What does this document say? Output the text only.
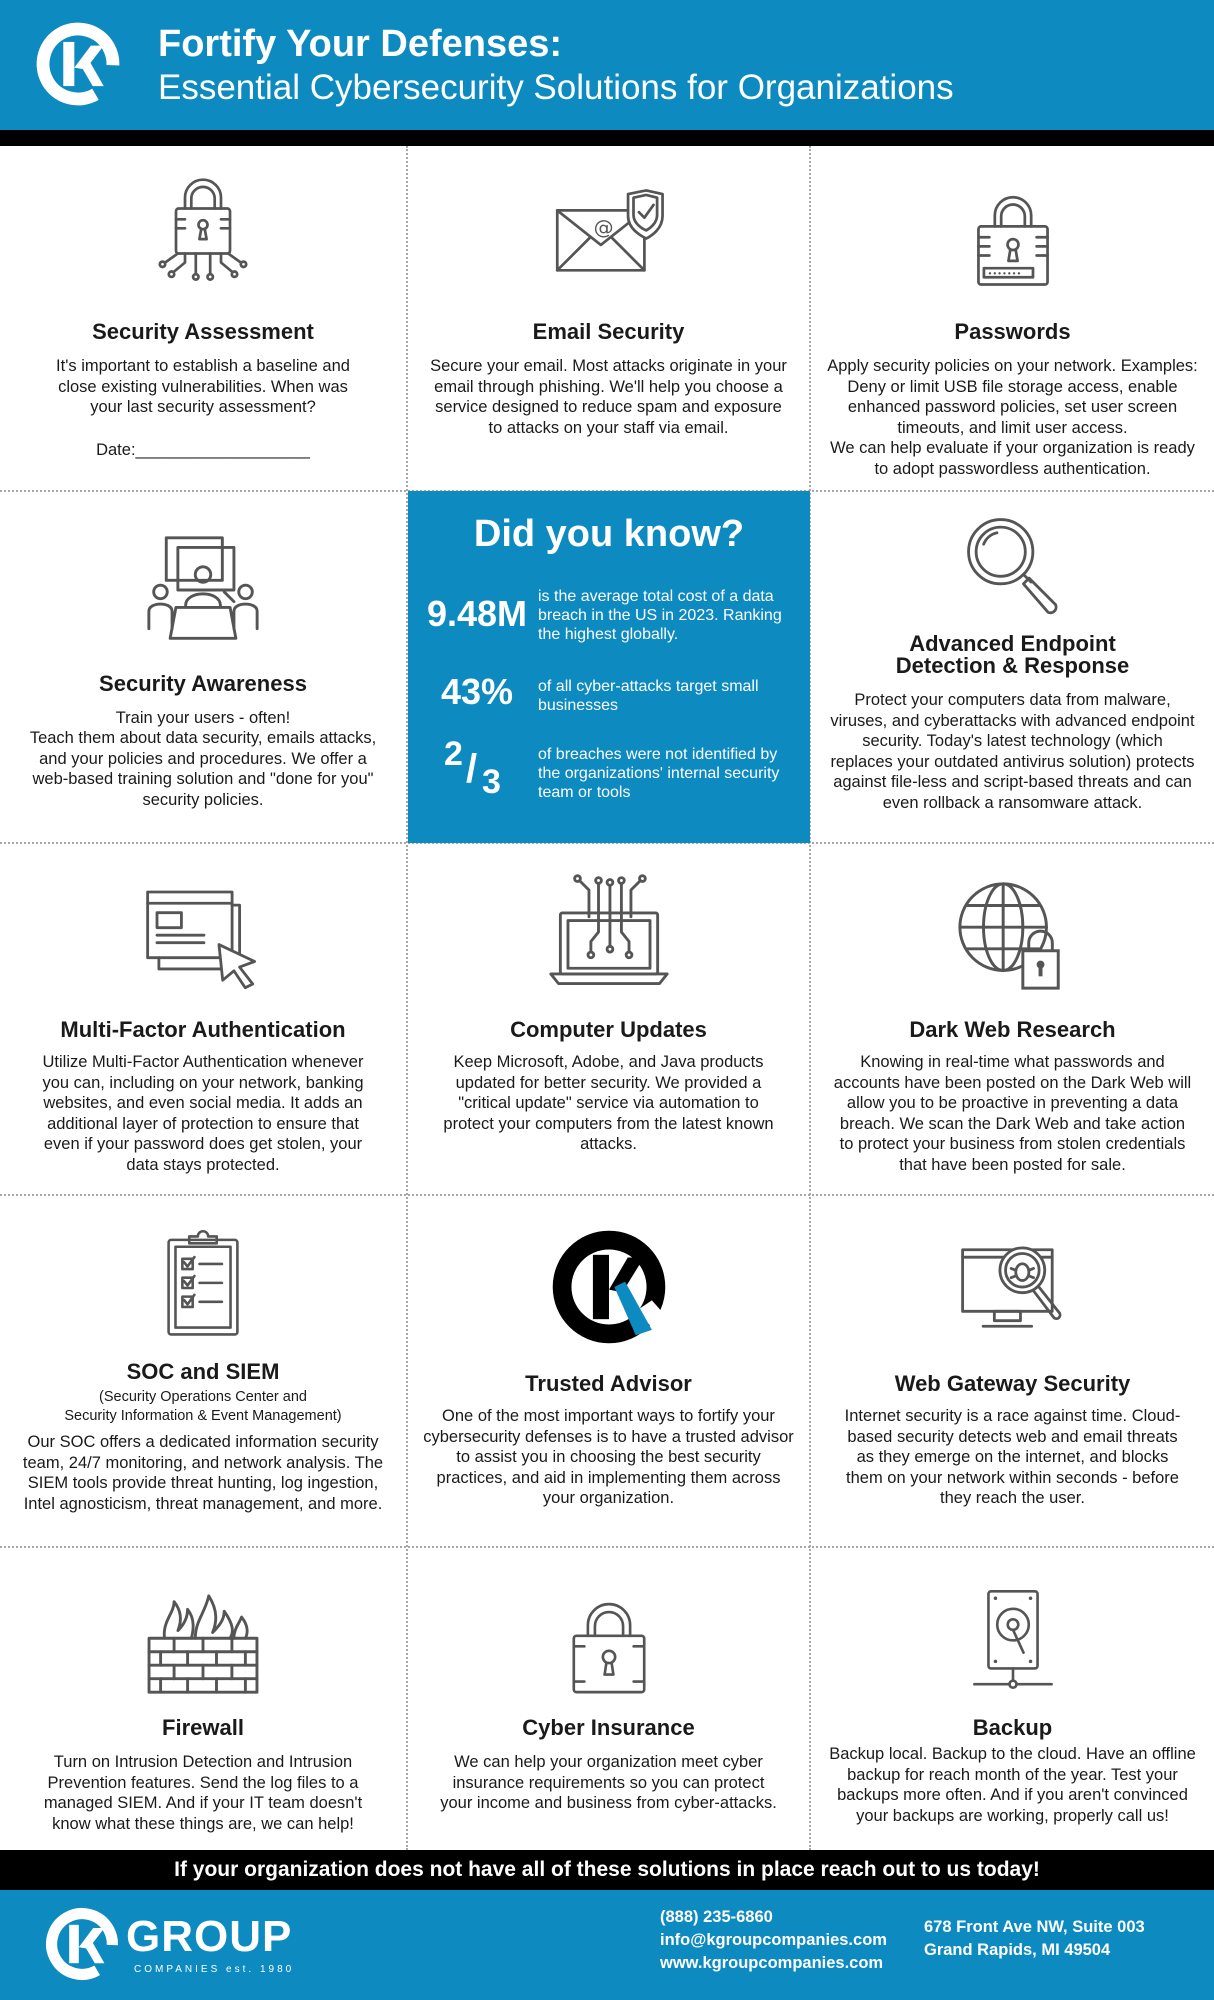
Fortify Your Defenses:
Essential Cybersecurity Solutions for Organizations
Security Assessment

It's important to establish a baseline and close existing vulnerabilities. When was your last security assessment?

Date:___________________

@
Email Security

Secure your email. Most attacks originate in your email through phishing. We'll help you choose a service designed to reduce spam and exposure to attacks on your staff via email.

•••••••
Passwords

Apply security policies on your network. Examples: Deny or limit USB file storage access, enable enhanced password policies, set user screen timeouts, and limit user access.

We can help evaluate if your organization is ready to adopt passwordless authentication.

Security Awareness

Train your users - often!

Teach them about data security, emails attacks, and your policies and procedures. We offer a web-based training solution and "done for you" security policies.

Advanced Endpoint
Detection & Response

Protect your computers data from malware, viruses, and cyberattacks with advanced endpoint security. Today's latest technology (which replaces your outdated antivirus solution) protects against file-less and script-based threats and can even rollback a ransomware attack.

Multi-Factor Authentication

Utilize Multi-Factor Authentication whenever you can, including on your network, banking websites, and even social media. It adds an additional layer of protection to ensure that even if your password does get stolen, your data stays protected.

Computer Updates

Keep Microsoft, Adobe, and Java products updated for better security. We provided a "critical update" service via automation to protect your computers from the latest known attacks.

Dark Web Research

Knowing in real-time what passwords and accounts have been posted on the Dark Web will allow you to be proactive in preventing a data breach. We scan the Dark Web and take action to protect your business from stolen credentials that have been posted for sale.

SOC and SIEM
(Security Operations Center and
Security Information & Event Management)

Our SOC offers a dedicated information security team, 24/7 monitoring, and network analysis. The SIEM tools provide threat hunting, log ingestion, Intel agnosticism, threat management, and more.

Trusted Advisor

One of the most important ways to fortify your cybersecurity defenses is to have a trusted advisor to assist you in choosing the best security practices, and aid in implementing them across your organization.

Web Gateway Security

Internet security is a race against time. Cloud-based security detects web and email threats as they emerge on the internet, and blocks them on your network within seconds - before they reach the user.

Firewall

Turn on Intrusion Detection and Intrusion Prevention features. Send the log files to a managed SIEM. And if your IT team doesn't know what these things are, we can help!

Cyber Insurance

We can help your organization meet cyber insurance requirements so you can protect your income and business from cyber-attacks.

Backup

Backup local. Backup to the cloud. Have an offline backup for reach month of the year. Test your backups more often. And if you aren't convinced your backups are working, properly call us!

Did you know?
9.48M is the average total cost of a data breach in the US in 2023. Ranking the highest globally.
43%	of all cyber-attacks target small businesses
2 / 3
of breaches were not identified by the organizations' internal security team or tools
If your organization does not have all of these solutions in place reach out to us today!
GROUP
COMPANIES est. 1980
(888) 235-6860
info@kgroupcompanies.com
www.kgroupcompanies.com
678 Front Ave NW, Suite 003
Grand Rapids, MI 49504
